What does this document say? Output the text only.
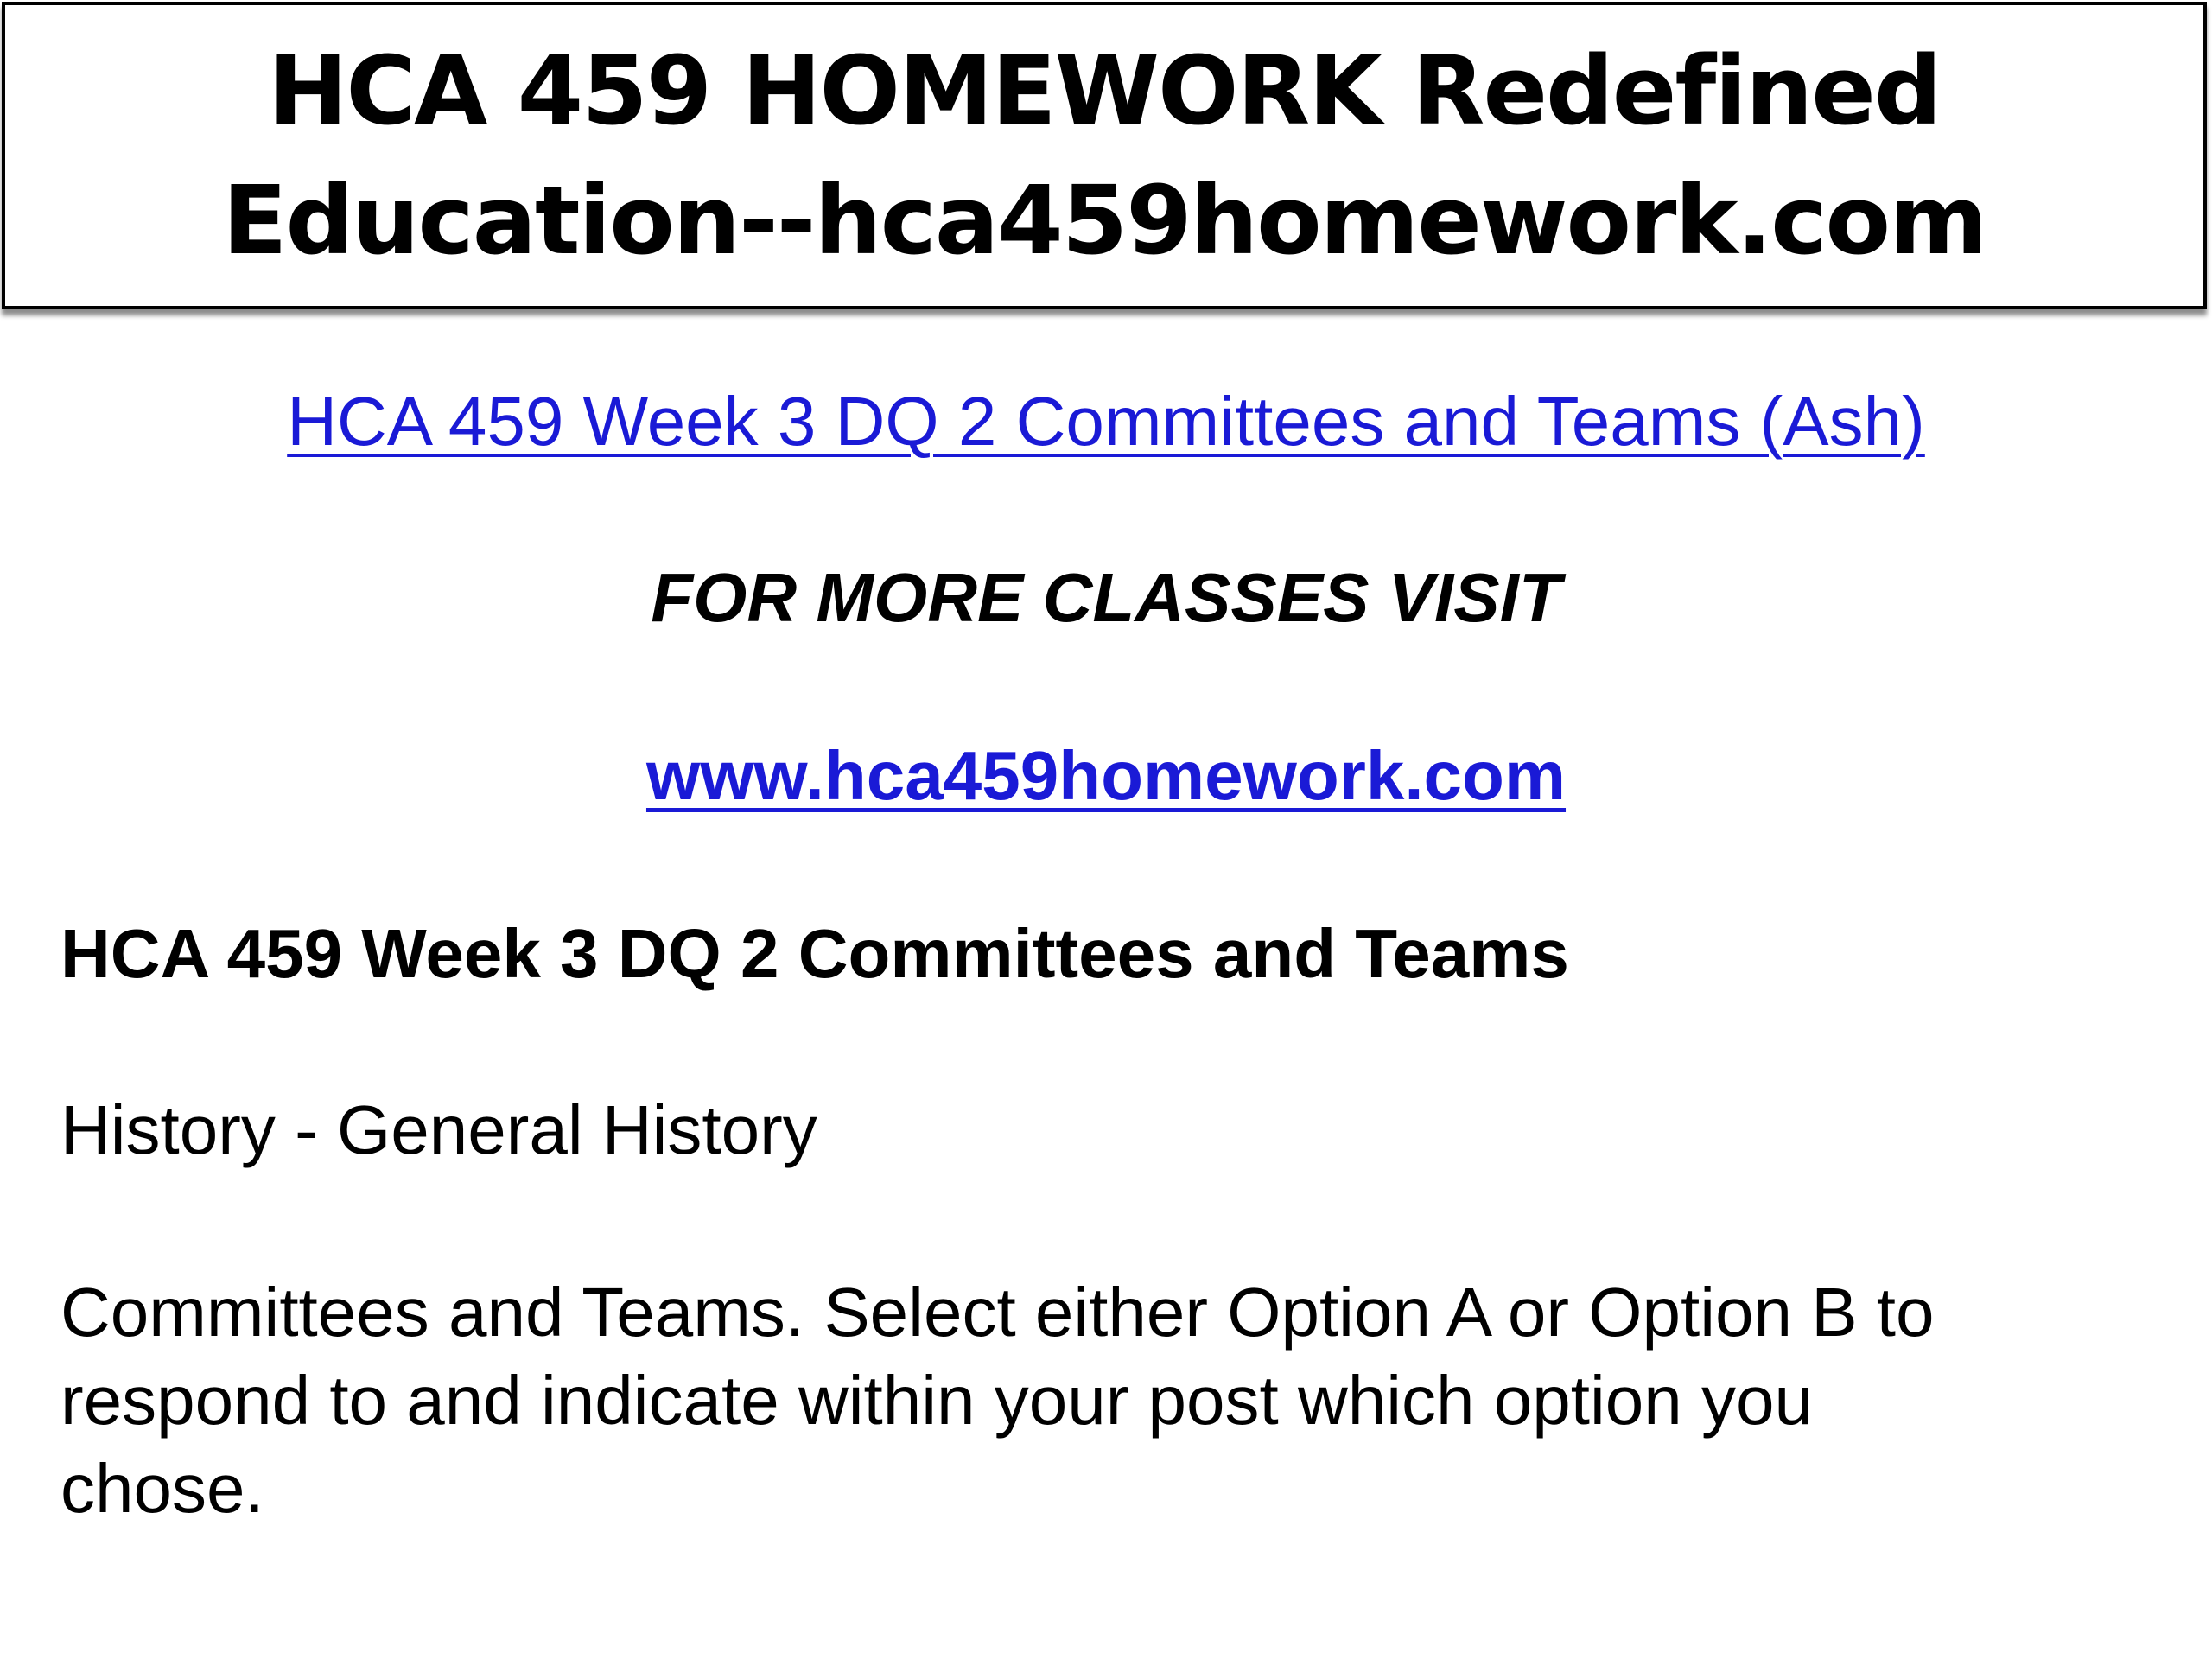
HCA 459 HOMEWORK Redefined
Education--hca459homework.com
HCA 459 Week 3 DQ 2 Committees and Teams (Ash)
FOR MORE CLASSES VISIT
www.hca459homework.com
HCA 459 Week 3 DQ 2 Committees and Teams
History - General History
Committees and Teams. Select either Option A or Option B to
respond to and indicate within your post which option you
chose.
